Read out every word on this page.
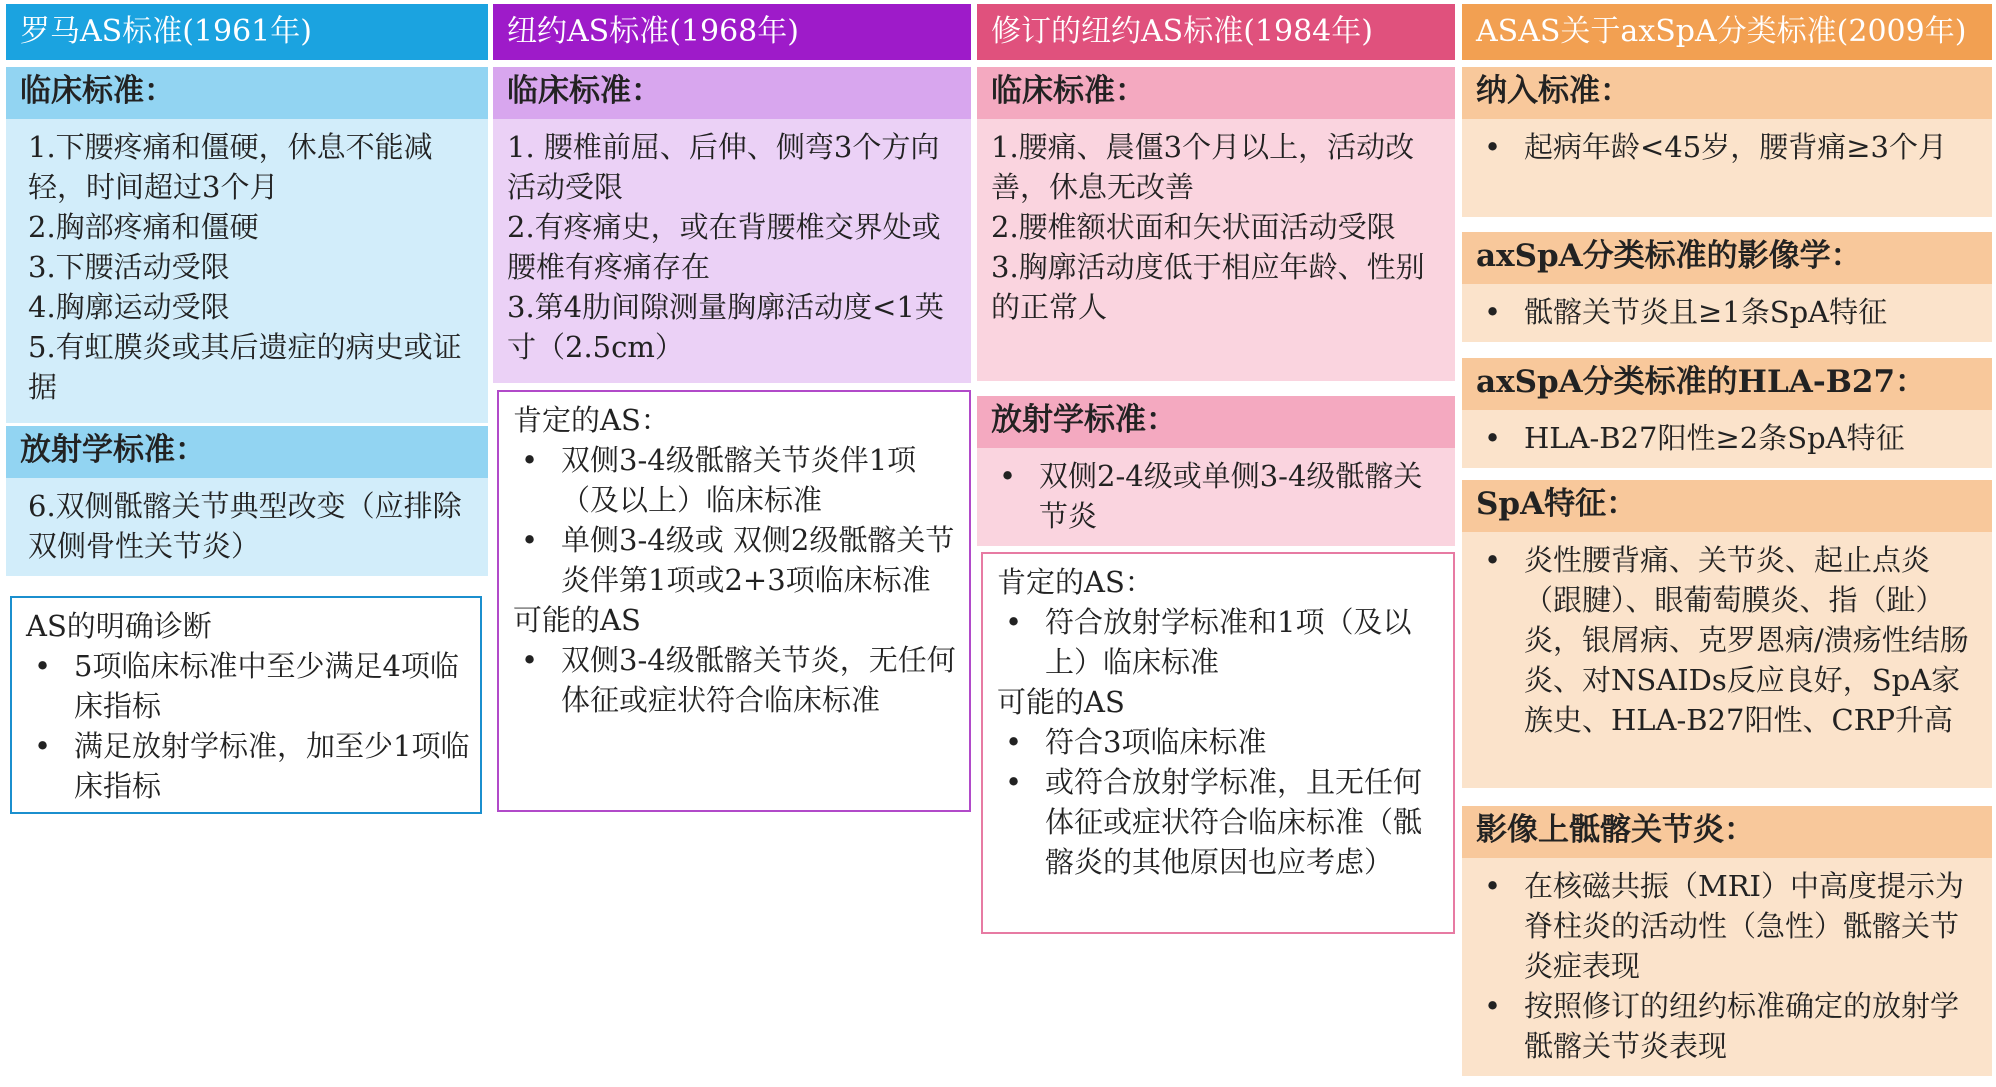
罗马AS标准(1961年)
临床标准：

1.下腰疼痛和僵硬，休息不能减轻，时间超过3个月

2.胸部疼痛和僵硬

3.下腰活动受限

4.胸廓运动受限

5.有虹膜炎或其后遗症的病史或证据

放射学标准：

6.双侧骶髂关节典型改变（应排除双侧骨性关节炎）

AS的明确诊断

• 5项临床标准中至少满足4项临床指标

• 满足放射学标准，加至少1项临床指标

纽约AS标准(1968年)
临床标准：

1. 腰椎前屈、后伸、侧弯3个方向活动受限

2.有疼痛史，或在背腰椎交界处或腰椎有疼痛存在

3.第4肋间隙测量胸廓活动度<1英寸（2.5cm）

肯定的AS：

• 双侧3-4级骶髂关节炎伴1项（及以上）临床标准

• 单侧3-4级或 双侧2级骶髂关节炎伴第1项或2+3项临床标准

可能的AS

• 双侧3-4级骶髂关节炎，无任何体征或症状符合临床标准

修订的纽约AS标准(1984年)
临床标准：

1.腰痛、晨僵3个月以上，活动改善，休息无改善

2.腰椎额状面和矢状面活动受限

3.胸廓活动度低于相应年龄、性别的正常人

放射学标准：

• 双侧2-4级或单侧3-4级骶髂关节炎

肯定的AS：

• 符合放射学标准和1项（及以上）临床标准

可能的AS

• 符合3项临床标准

• 或符合放射学标准，且无任何体征或症状符合临床标准（骶髂炎的其他原因也应考虑）

ASAS关于axSpA分类标准(2009年)
纳入标准：

• 起病年龄<45岁，腰背痛≥3个月

axSpA分类标准的影像学：

• 骶髂关节炎且≥1条SpA特征

axSpA分类标准的HLA-B27：

• HLA-B27阳性≥2条SpA特征

SpA特征：

• 炎性腰背痛、关节炎、起止点炎（跟腱）、眼葡萄膜炎、指（趾）炎，银屑病、克罗恩病/溃疡性结肠炎、对NSAIDs反应良好，SpA家族史、HLA-B27阳性、CRP升高

影像上骶髂关节炎：

• 在核磁共振（MRI）中高度提示为脊柱炎的活动性（急性）骶髂关节炎症表现

• 按照修订的纽约标准确定的放射学骶髂关节炎表现
